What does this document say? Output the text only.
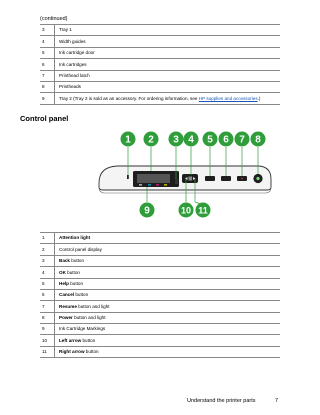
(continued)
3	Tray 1
4	Width guides
5	Ink cartridge door
6	Ink cartridges
7	Printhead latch
8	Printheads
9	Tray 2 (Tray 2 is sold as an accessory. For ordering information, see HP supplies and accessories.)
Control panel
1 2 3 4 5 6 7 8
9	10 11
1	Attention light
2	Control panel display
3	Back button
4	OK button
5	Help button
6	Cancel button
7	Resume button and light
8	Power button and light
9	Ink Cartridge Markings
10	Left arrow button
11	Right arrow button
Understand the printer parts	7
